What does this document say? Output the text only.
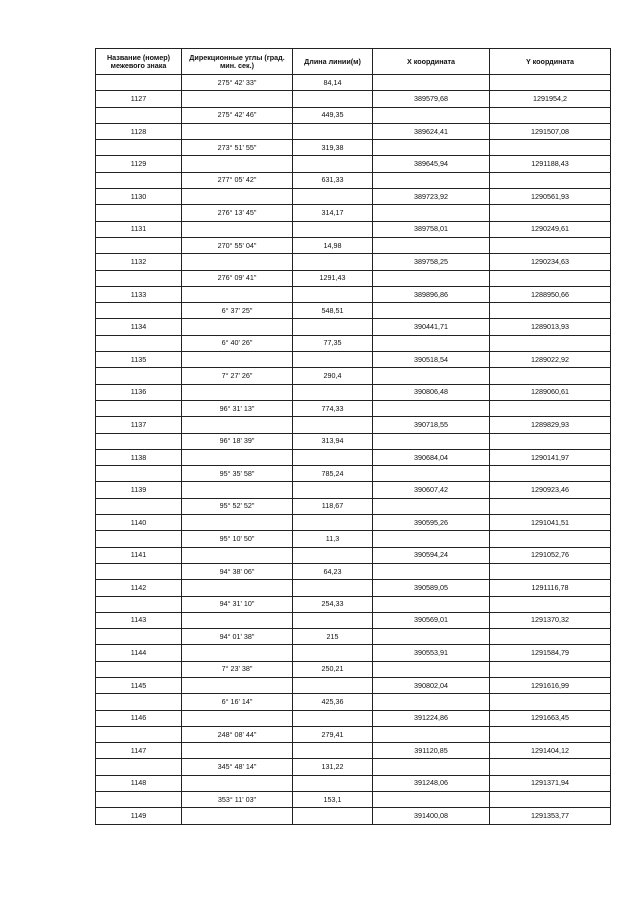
Название (номер) межевого знака	Дирекционные углы (град. мин. сек.)	Длина линии(м)	X координата	Y координата
	275° 42' 33"	84,14		
1127			389579,68	1291954,2
	275° 42' 46"	449,35		
1128			389624,41	1291507,08
	273° 51' 55"	319,38		
1129			389645,94	1291188,43
	277° 05' 42"	631,33		
1130			389723,92	1290561,93
	276° 13' 45"	314,17		
1131			389758,01	1290249,61
	270° 55' 04"	14,98		
1132			389758,25	1290234,63
	276° 09' 41"	1291,43		
1133			389896,86	1288950,66
	6° 37' 25"	548,51		
1134			390441,71	1289013,93
	6° 40' 26"	77,35		
1135			390518,54	1289022,92
	7° 27' 26"	290,4		
1136			390806,48	1289060,61
	96° 31' 13"	774,33		
1137			390718,55	1289829,93
	96° 18' 39"	313,94		
1138			390684,04	1290141,97
	95° 35' 58"	785,24		
1139			390607,42	1290923,46
	95° 52' 52"	118,67		
1140			390595,26	1291041,51
	95° 10' 50"	11,3		
1141			390594,24	1291052,76
	94° 38' 06"	64,23		
1142			390589,05	1291116,78
	94° 31' 10"	254,33		
1143			390569,01	1291370,32
	94° 01' 38"	215		
1144			390553,91	1291584,79
	7° 23' 38"	250,21		
1145			390802,04	1291616,99
	6° 16' 14"	425,36		
1146			391224,86	1291663,45
	248° 08' 44"	279,41		
1147			391120,85	1291404,12
	345° 48' 14"	131,22		
1148			391248,06	1291371,94
	353° 11' 03"	153,1		
1149			391400,08	1291353,77
